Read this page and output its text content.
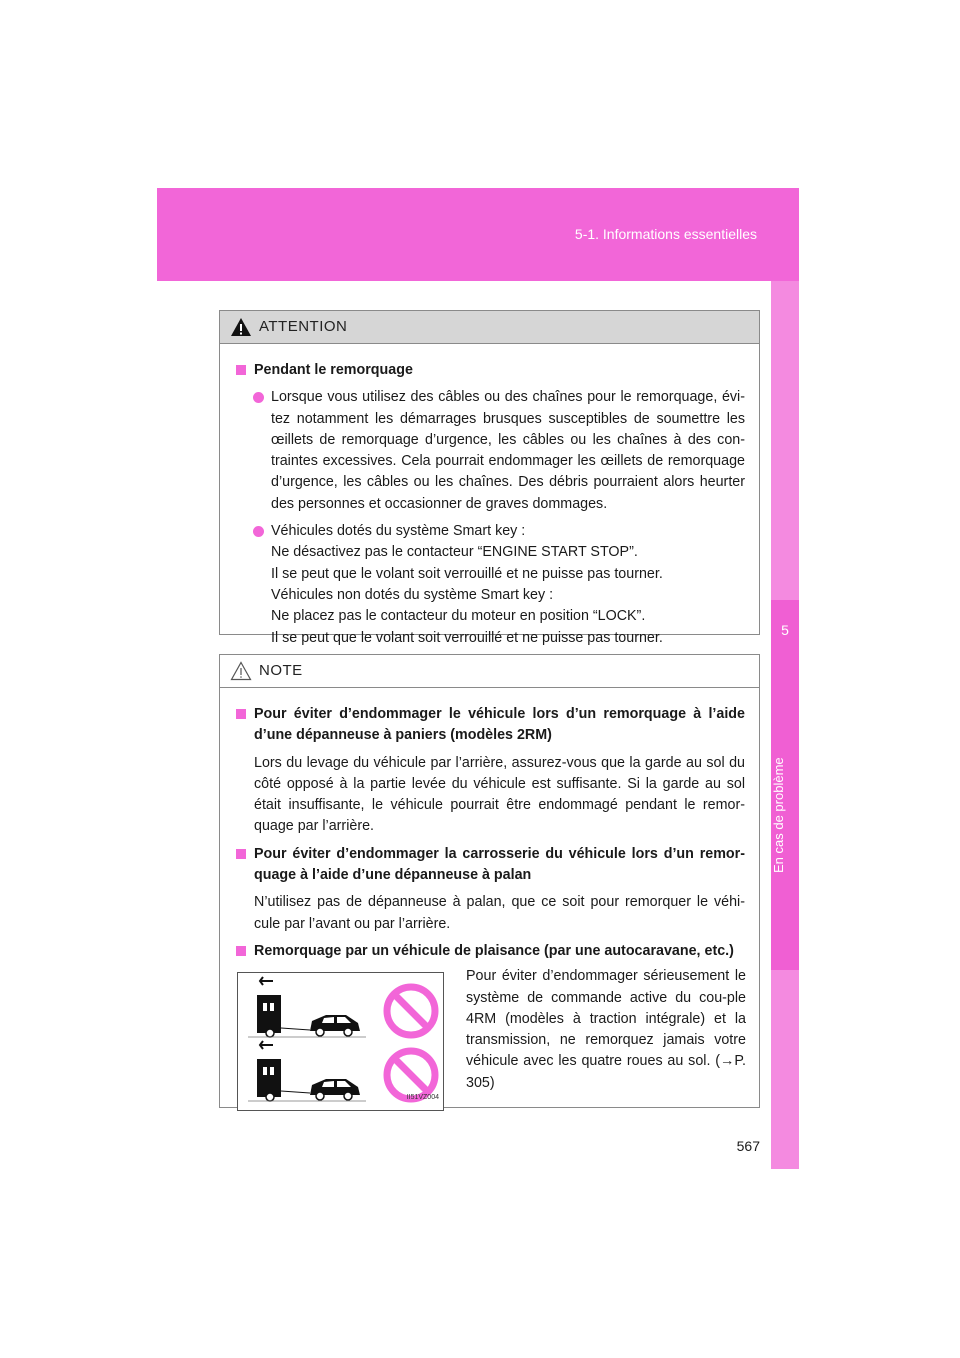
5-1. Informations essentielles
5
En cas de problème
ATTENTION
Pendant le remorquage
Lorsque vous utilisez des câbles ou des chaînes pour le remorquage, évi-tez notamment les démarrages brusques susceptibles de soumettre les œillets de remorquage d’urgence, les câbles ou les chaînes à des con-traintes excessives. Cela pourrait endommager les œillets de remorquage d’urgence, les câbles ou les chaînes. Des débris pourraient alors heurter des personnes et occasionner de graves dommages.
Véhicules dotés du système Smart key :
Ne désactivez pas le contacteur “ENGINE START STOP”.
Il se peut que le volant soit verrouillé et ne puisse pas tourner.
Véhicules non dotés du système Smart key :
Ne placez pas le contacteur du moteur en position “LOCK”.
Il se peut que le volant soit verrouillé et ne puisse pas tourner.
NOTE
Pour éviter d’endommager le véhicule lors d’un remorquage à l’aide d’une dépanneuse à paniers (modèles 2RM)
Lors du levage du véhicule par l’arrière, assurez-vous que la garde au sol du côté opposé à la partie levée du véhicule est suffisante. Si la garde au sol était insuffisante, le véhicule pourrait être endommagé pendant le remor-quage par l’arrière.
Pour éviter d’endommager la carrosserie du véhicule lors d’un remor-quage à l’aide d’une dépanneuse à palan
N’utilisez pas de dépanneuse à palan, que ce soit pour remorquer le véhi-cule par l’avant ou par l’arrière.
Remorquage par un véhicule de plaisance (par une autocaravane, etc.)
II51VZ004
Pour éviter d’endommager sérieusement le système de commande active du cou-ple 4RM (modèles à traction intégrale) et la transmission, ne remorquez jamais votre véhicule avec les quatre roues au sol. (→P. 305)
567
